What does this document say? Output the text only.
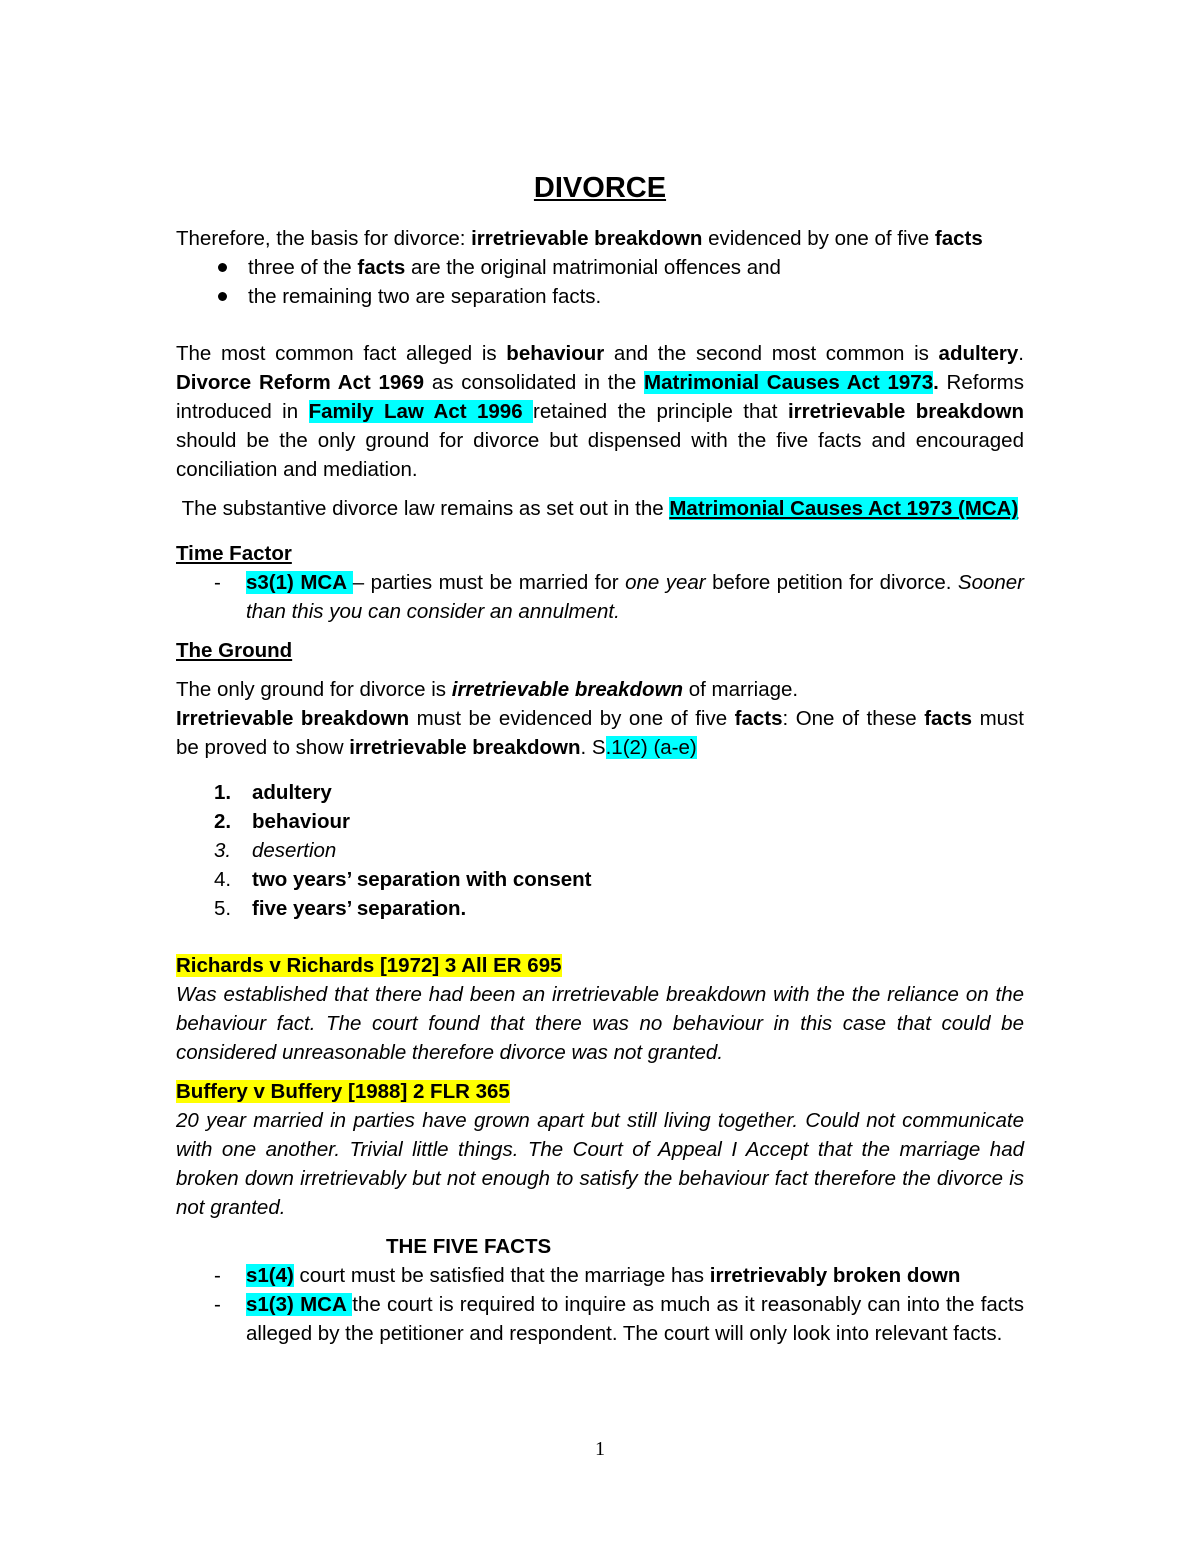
DIVORCE

Therefore, the basis for divorce: irretrievable breakdown evidenced by one of five facts

three of the facts are the original matrimonial offences and
the remaining two are separation facts.

The most common fact alleged is behaviour and the second most common is adultery. Divorce Reform Act 1969 as consolidated in the Matrimonial Causes Act 1973. Reforms introduced in Family Law Act 1996 retained the principle that irretrievable breakdown should be the only ground for divorce but dispensed with the five facts and encouraged conciliation and mediation.

The substantive divorce law remains as set out in the Matrimonial Causes Act 1973 (MCA)

Time Factor

- s3(1) MCA – parties must be married for one year before petition for divorce. Sooner than this you can consider an annulment.

The Ground

The only ground for divorce is irretrievable breakdown of marriage.

Irretrievable breakdown must be evidenced by one of five facts: One of these facts must be proved to show irretrievable breakdown. S.1(2) (a-e)

1. adultery
2. behaviour
3. desertion
4. two years’ separation with consent
5. five years’ separation.

Richards v Richards [1972] 3 All ER 695

Was established that there had been an irretrievable breakdown with the the reliance on the behaviour fact. The court found that there was no behaviour in this case that could be considered unreasonable therefore divorce was not granted.

Buffery v Buffery [1988] 2 FLR 365

20 year married in parties have grown apart but still living together. Could not communicate with one another. Trivial little things. The Court of Appeal I Accept that the marriage had broken down irretrievably but not enough to satisfy the behaviour fact therefore the divorce is not granted.

THE FIVE FACTS

- s1(4) court must be satisfied that the marriage has irretrievably broken down
- s1(3) MCA the court is required to inquire as much as it reasonably can into the facts alleged by the petitioner and respondent. The court will only look into relevant facts.
1
